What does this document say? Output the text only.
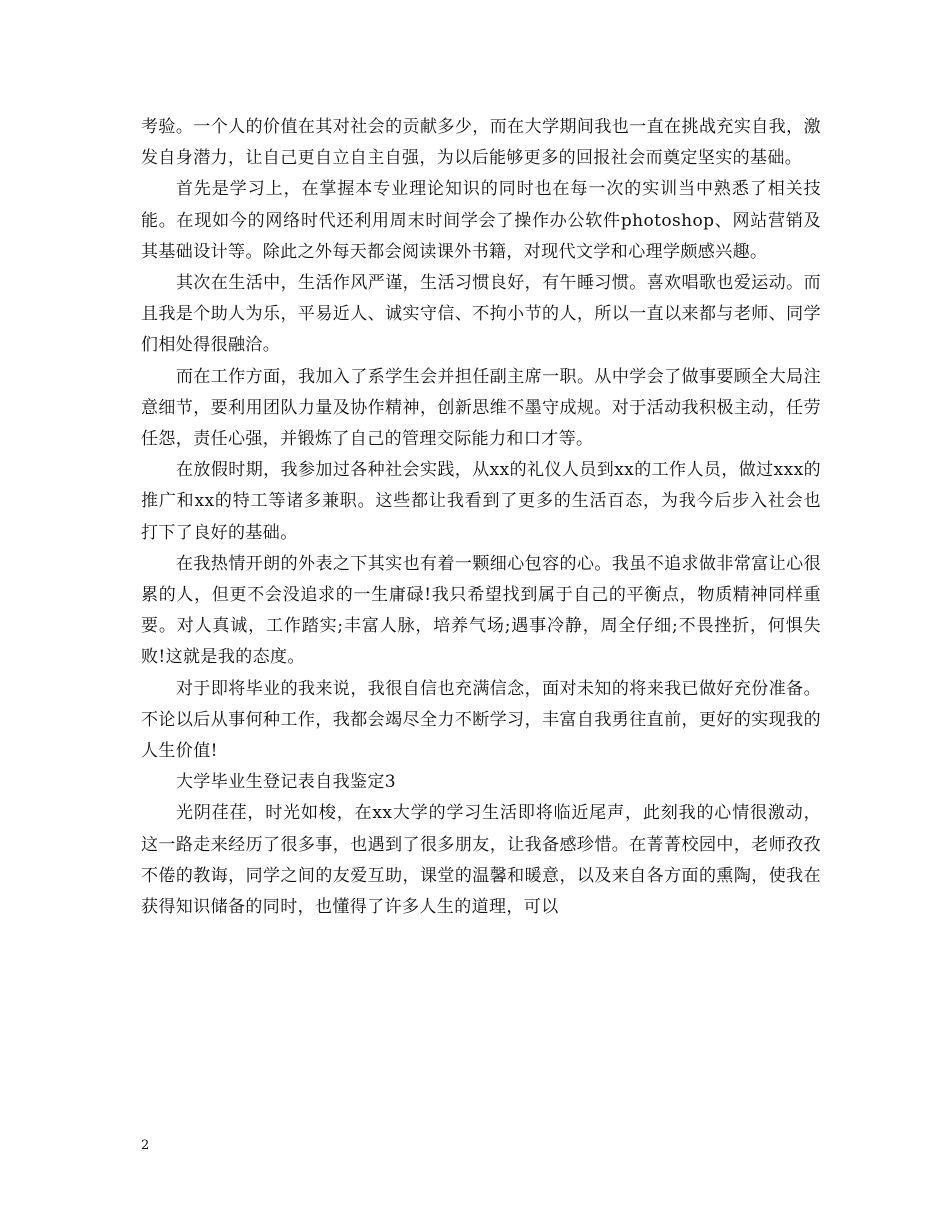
考验。一个人的价值在其对社会的贡献多少，而在大学期间我也一直在挑战充实自我，激发自身潜力，让自己更自立自主自强，为以后能够更多的回报社会而奠定坚实的基础。

首先是学习上，在掌握本专业理论知识的同时也在每一次的实训当中熟悉了相关技能。在现如今的网络时代还利用周末时间学会了操作办公软件photoshop、网站营销及其基础设计等。除此之外每天都会阅读课外书籍，对现代文学和心理学颇感兴趣。

其次在生活中，生活作风严谨，生活习惯良好，有午睡习惯。喜欢唱歌也爱运动。而且我是个助人为乐，平易近人、诚实守信、不拘小节的人，所以一直以来都与老师、同学们相处得很融洽。

而在工作方面，我加入了系学生会并担任副主席一职。从中学会了做事要顾全大局注意细节，要利用团队力量及协作精神，创新思维不墨守成规。对于活动我积极主动，任劳任怨，责任心强，并锻炼了自己的管理交际能力和口才等。

在放假时期，我参加过各种社会实践，从xx的礼仪人员到xx的工作人员，做过xxx的推广和xx的特工等诸多兼职。这些都让我看到了更多的生活百态，为我今后步入社会也打下了良好的基础。

在我热情开朗的外表之下其实也有着一颗细心包容的心。我虽不追求做非常富让心很累的人，但更不会没追求的一生庸碌!我只希望找到属于自己的平衡点，物质精神同样重要。对人真诚，工作踏实;丰富人脉，培养气场;遇事冷静，周全仔细;不畏挫折，何惧失败!这就是我的态度。

对于即将毕业的我来说，我很自信也充满信念，面对未知的将来我已做好充份准备。不论以后从事何种工作，我都会竭尽全力不断学习，丰富自我勇往直前，更好的实现我的人生价值!

大学毕业生登记表自我鉴定3

光阴荏荏，时光如梭，在xx大学的学习生活即将临近尾声，此刻我的心情很激动，这一路走来经历了很多事，也遇到了很多朋友，让我备感珍惜。在菁菁校园中，老师孜孜不倦的教诲，同学之间的友爱互助，课堂的温馨和暖意，以及来自各方面的熏陶，使我在获得知识储备的同时，也懂得了许多人生的道理，可以

2
